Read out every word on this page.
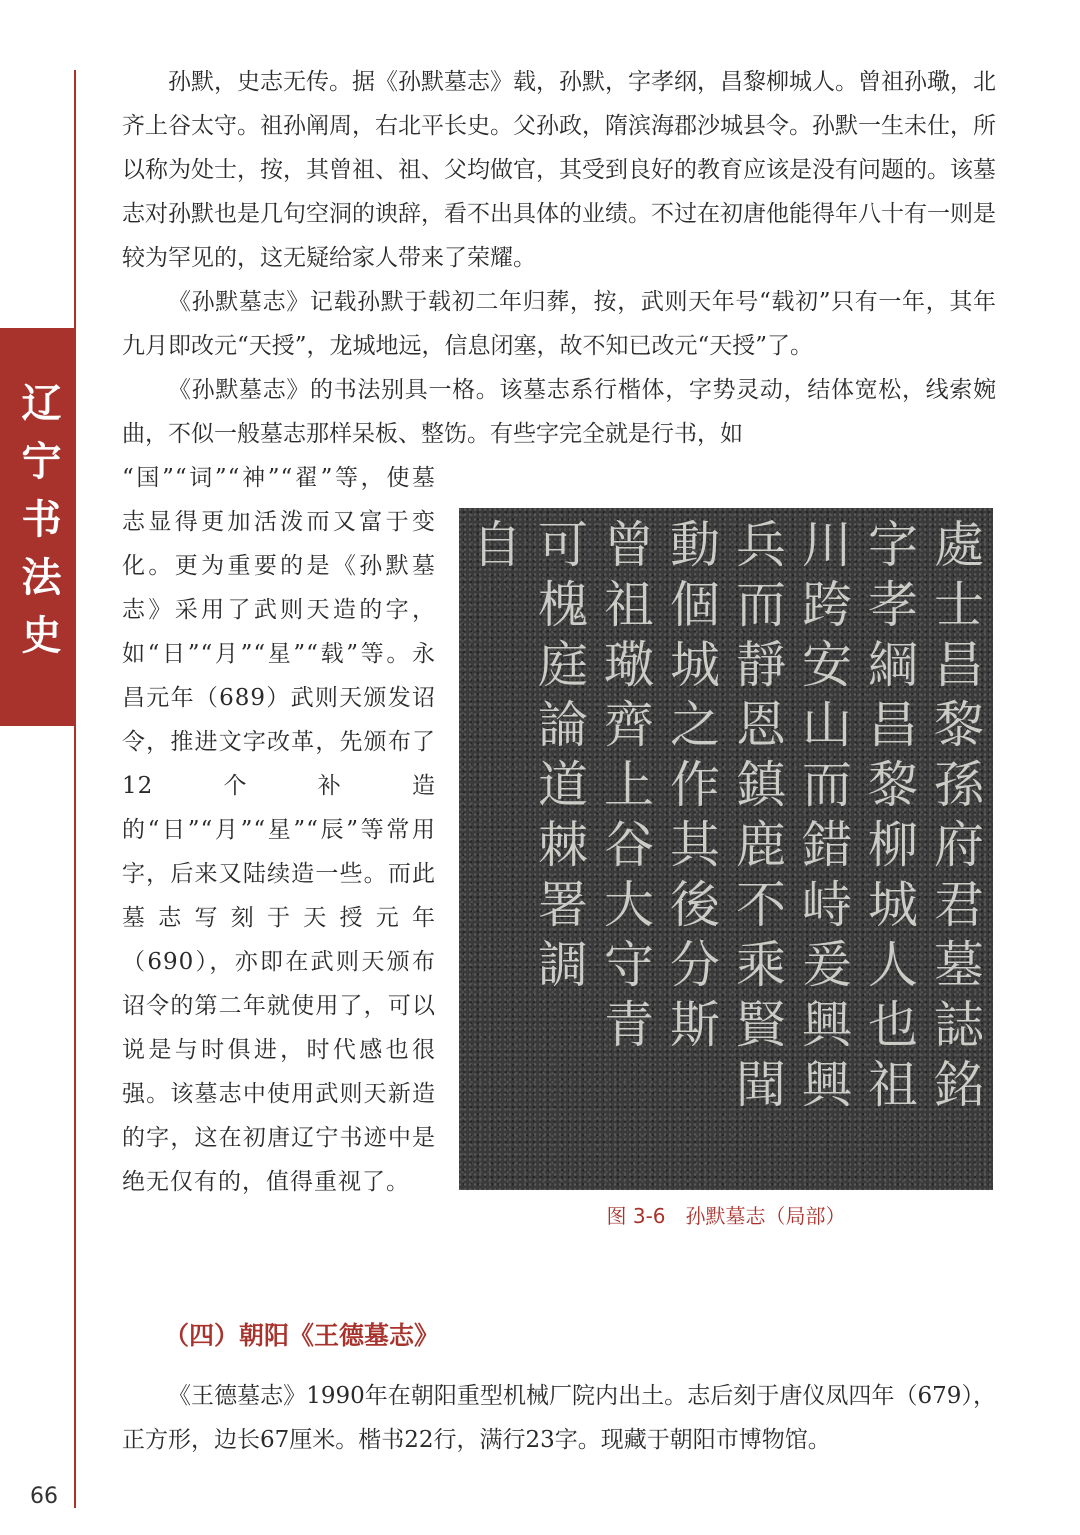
辽宁书法史

孙默，史志无传。据《孙默墓志》载，孙默，字孝纲，昌黎柳城人。曾祖孙璥，北齐上谷太守。祖孙阐周，右北平长史。父孙政，隋滨海郡沙城县令。孙默一生未仕，所以称为处士，按，其曾祖、祖、父均做官，其受到良好的教育应该是没有问题的。该墓志对孙默也是几句空洞的谀辞，看不出具体的业绩。不过在初唐他能得年八十有一则是较为罕见的，这无疑给家人带来了荣耀。

《孙默墓志》记载孙默于载初二年归葬，按，武则天年号“载初”只有一年，其年九月即改元“天授”，龙城地远，信息闭塞，故不知已改元“天授”了。

《孙默墓志》的书法别具一格。该墓志系行楷体，字势灵动，结体宽松，线索婉曲，不似一般墓志那样呆板、整饬。有些字完全就是行书，如

“国”“词”“神”“翟”等，使墓志显得更加活泼而又富于变化。更为重要的是《孙默墓志》采用了武则天造的字，如“日”“月”“星”“载”等。永昌元年（689）武则天颁发诏令，推进文字改革，先颁布了12个补造的“日”“月”“星”“辰”等常用字，后来又陆续造一些。而此墓志写刻于天授元年（690），亦即在武则天颁布诏令的第二年就使用了，可以说是与时俱进，时代感也很强。该墓志中使用武则天新造的字，这在初唐辽宁书迹中是绝无仅有的，值得重视了。

處
士
昌
黎
孫
府
君
墓
誌
銘
字
孝
綱
昌
黎
柳
城
人
也
祖
川
跨
安
山
而
錯
峙
爰
興
興
兵
而
靜
恩
鎮
鹿
不
乘
賢
聞
動
個
城
之
作
其
後
分
斯
曾
祖
璥
齊
上
谷
大
守
青
可
槐
庭
論
道
棘
署
調
自
图 3-6　孙默墓志（局部）
（四）朝阳《王德墓志》

《王德墓志》1990年在朝阳重型机械厂院内出土。志后刻于唐仪凤四年（679），正方形，边长67厘米。楷书22行，满行23字。现藏于朝阳市博物馆。

66
